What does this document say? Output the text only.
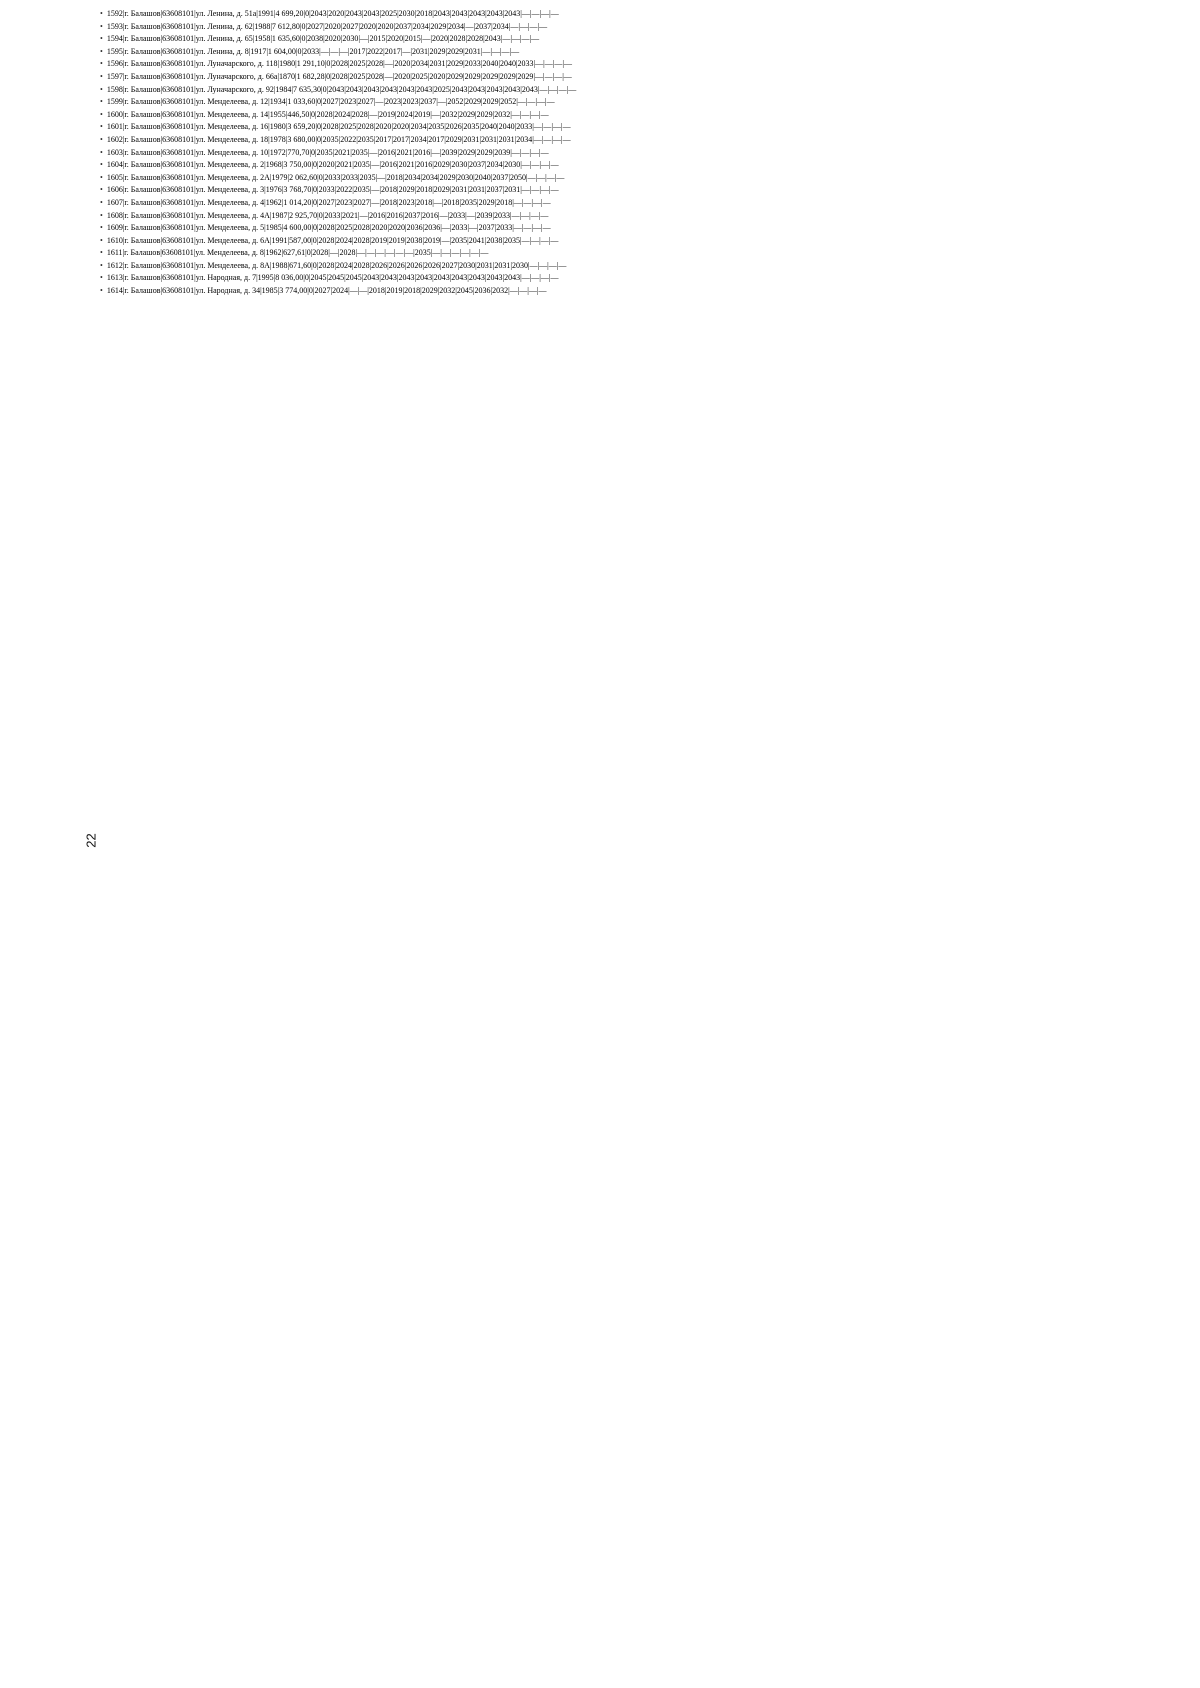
22
• 1592|г. Балашов|63608101|ул. Ленина, д. 51а|1991|4 699,20|0|2043|2020|2043|2043|2025|2030|2018|2043|2043|2043|2043|2043|—|—|—|—
• 1593|г. Балашов|63608101|ул. Ленина, д. 62|1988|7 612,80|0|2027|2020|2027|2020|2020|2037|2034|2029|2034|—|2037|2034|—|—|—|—
• 1594|г. Балашов|63608101|ул. Ленина, д. 65|1958|1 635,60|0|2038|2020|2030|—|2015|2020|2015|—|2020|2028|2028|2043|—|—|—|—
• 1595|г. Балашов|63608101|ул. Ленина, д. 8|1917|1 604,00|0|2033|—|—|—|2017|2022|2017|—|2031|2029|2029|2031|—|—|—|—
• 1596|г. Балашов|63608101|ул. Луначарского, д. 118|1980|1 291,10|0|2028|2025|2028|—|2020|2034|2031|2029|2033|2040|2040|2033|—|—|—|—
• 1597|г. Балашов|63608101|ул. Луначарского, д. 66а|1870|1 682,28|0|2028|2025|2028|—|2020|2025|2020|2029|2029|2029|2029|2029|—|—|—|—
• 1598|г. Балашов|63608101|ул. Луначарского, д. 92|1984|7 635,30|0|2043|2043|2043|2043|2043|2043|2025|2043|2043|2043|2043|2043|—|—|—|—
• 1599|г. Балашов|63608101|ул. Менделеева, д. 12|1934|1 033,60|0|2027|2023|2027|—|2023|2023|2037|—|2052|2029|2029|2052|—|—|—|—
• 1600|г. Балашов|63608101|ул. Менделеева, д. 14|1955|446,50|0|2028|2024|2028|—|2019|2024|2019|—|2032|2029|2029|2032|—|—|—|—
• 1601|г. Балашов|63608101|ул. Менделеева, д. 16|1980|3 659,20|0|2028|2025|2028|2020|2020|2034|2035|2026|2035|2040|2040|2033|—|—|—|—
• 1602|г. Балашов|63608101|ул. Менделеева, д. 18|1978|3 680,00|0|2035|2022|2035|2017|2017|2034|2017|2029|2031|2031|2031|2034|—|—|—|—
• 1603|г. Балашов|63608101|ул. Менделеева, д. 10|1972|770,70|0|2035|2021|2035|—|2016|2021|2016|—|2039|2029|2029|2039|—|—|—|—
• 1604|г. Балашов|63608101|ул. Менделеева, д. 2|1968|3 750,00|0|2020|2021|2035|—|2016|2021|2016|2029|2030|2037|2034|2030|—|—|—|—
• 1605|г. Балашов|63608101|ул. Менделеева, д. 2А|1979|2 062,60|0|2033|2033|2035|—|2018|2034|2034|2029|2030|2040|2037|2050|—|—|—|—
• 1606|г. Балашов|63608101|ул. Менделеева, д. 3|1976|3 768,70|0|2033|2022|2035|—|2018|2029|2018|2029|2031|2031|2037|2031|—|—|—|—
• 1607|г. Балашов|63608101|ул. Менделеева, д. 4|1962|1 014,20|0|2027|2023|2027|—|2018|2023|2018|—|2018|2035|2029|2018|—|—|—|—
• 1608|г. Балашов|63608101|ул. Менделеева, д. 4А|1987|2 925,70|0|2033|2021|—|2016|2016|2037|2016|—|2033|—|2039|2033|—|—|—|—
• 1609|г. Балашов|63608101|ул. Менделеева, д. 5|1985|4 600,00|0|2028|2025|2028|2020|2020|2036|2036|—|2033|—|2037|2033|—|—|—|—
• 1610|г. Балашов|63608101|ул. Менделеева, д. 6А|1991|587,00|0|2028|2024|2028|2019|2019|2038|2019|—|2035|2041|2038|2035|—|—|—|—
• 1611|г. Балашов|63608101|ул. Менделеева, д. 8|1962|627,61|0|2028|—|2028|—|—|—|—|—|—|2035|—|—|—|—|—|—
• 1612|г. Балашов|63608101|ул. Менделеева, д. 8А|1988|671,60|0|2028|2024|2028|2026|2026|2026|2026|2027|2030|2031|2031|2030|—|—|—|—
• 1613|г. Балашов|63608101|ул. Народная, д. 7|1995|8 036,00|0|2045|2045|2045|2043|2043|2043|2043|2043|2043|2043|2043|2043|—|—|—|—
• 1614|г. Балашов|63608101|ул. Народная, д. 34|1985|3 774,00|0|2027|2024|—|—|2018|2019|2018|2029|2032|2045|2036|2032|—|—|—|—
